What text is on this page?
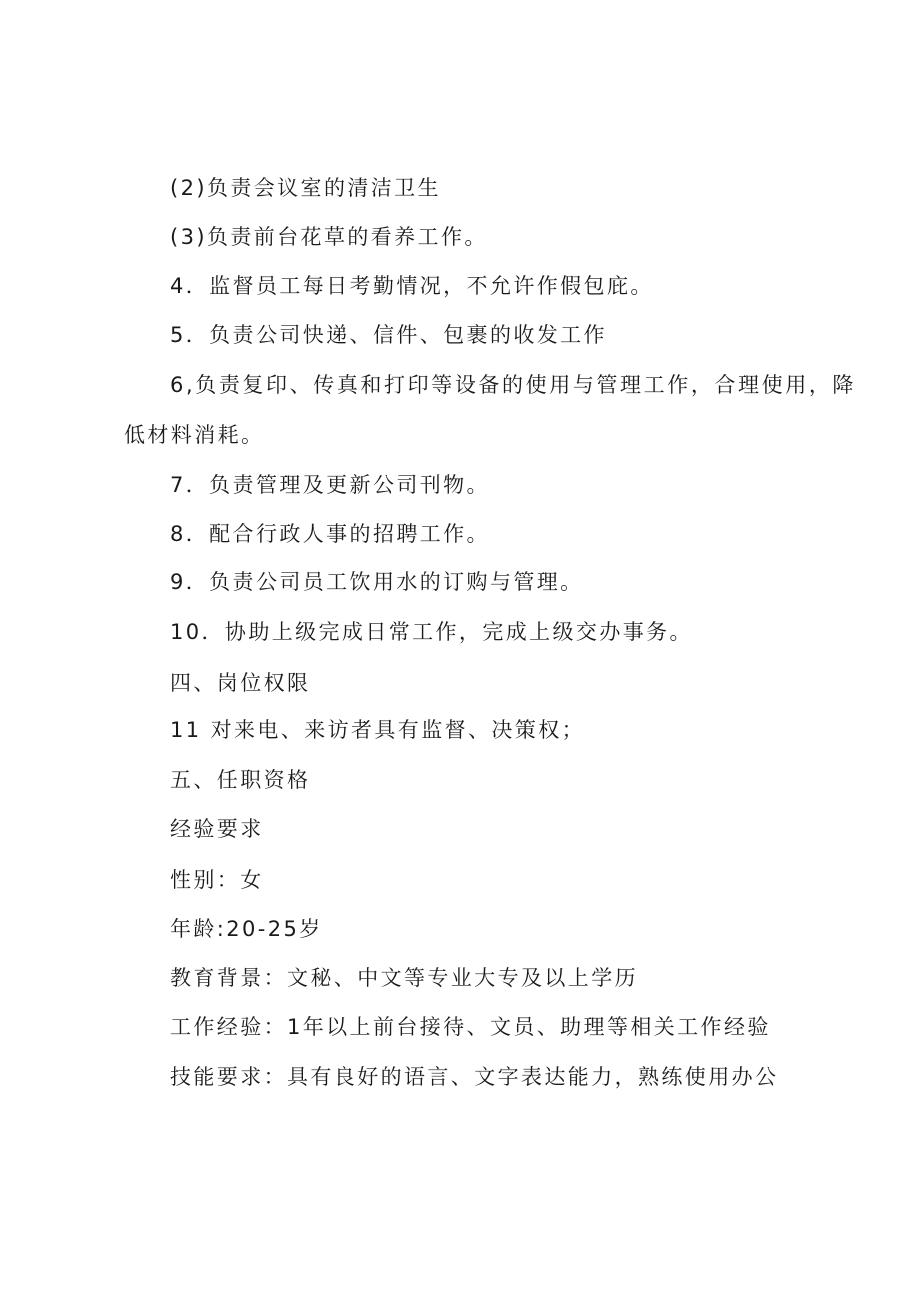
(2)负责会议室的清洁卫生
(3)负责前台花草的看养工作。
4．监督员工每日考勤情况，不允许作假包庇。
5．负责公司快递、信件、包裹的收发工作
6,负责复印、传真和打印等设备的使用与管理工作，合理使用，降
低材料消耗。
7．负责管理及更新公司刊物。
8．配合行政人事的招聘工作。
9．负责公司员工饮用水的订购与管理。
10．协助上级完成日常工作，完成上级交办事务。
四、岗位权限
11 对来电、来访者具有监督、决策权；
五、任职资格
经验要求
性别：女
年龄:20-25岁
教育背景：文秘、中文等专业大专及以上学历
工作经验：1年以上前台接待、文员、助理等相关工作经验
技能要求：具有良好的语言、文字表达能力，熟练使用办公
